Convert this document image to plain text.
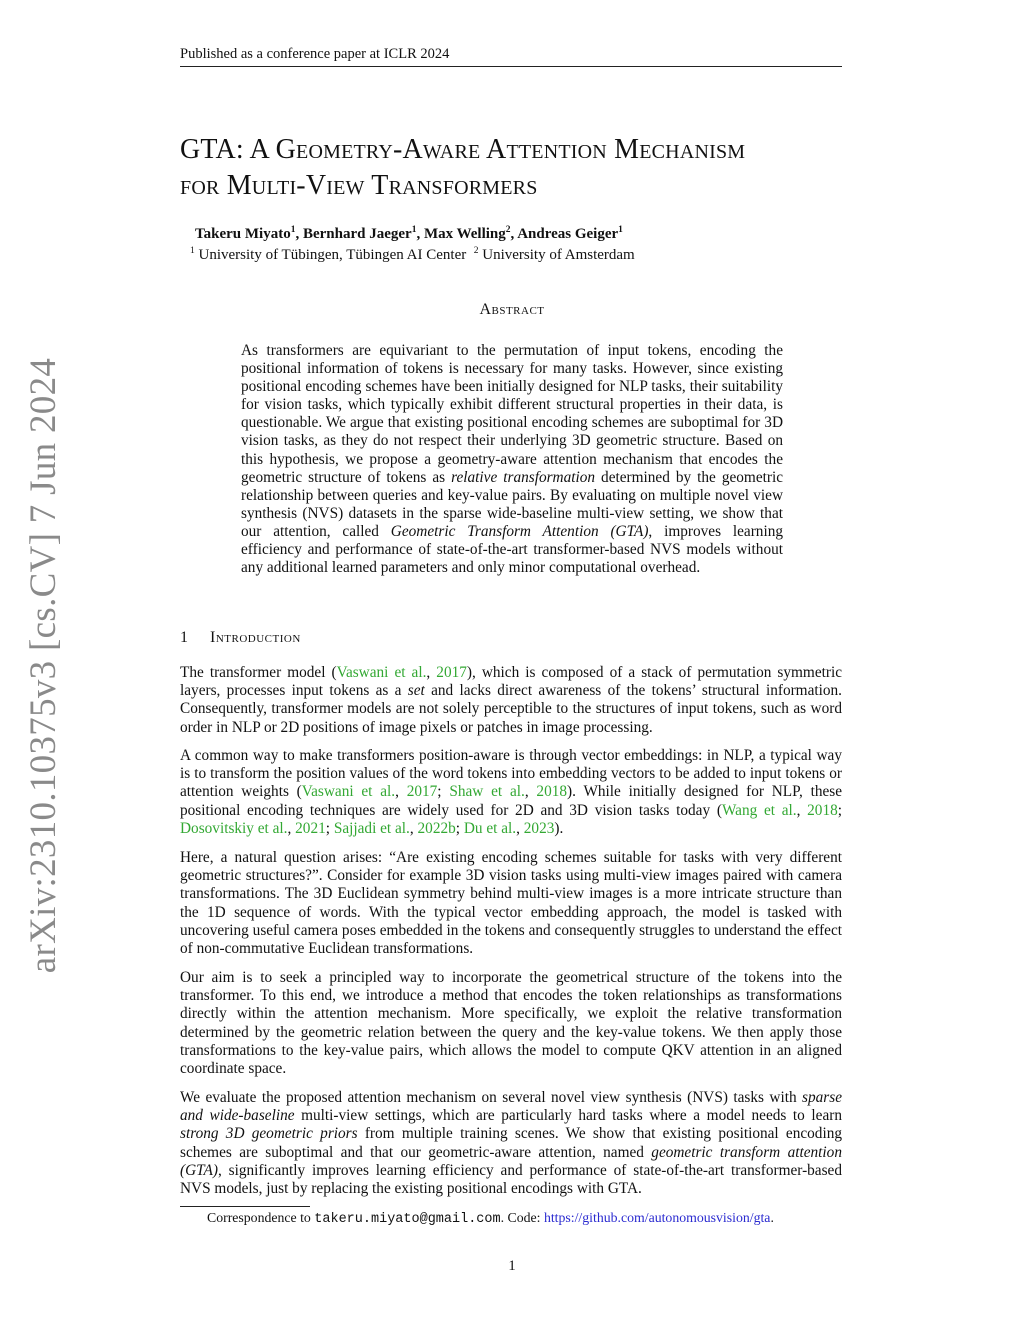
Published as a conference paper at ICLR 2024
arXiv:2310.10375v3 [cs.CV] 7 Jun 2024
GTA: A Geometry-Aware Attention Mechanism
for Multi-View Transformers
Takeru Miyato$^1$, Bernhard Jaeger$^1$, Max Welling$^2$, Andreas Geiger$^1$
$^1$ University of Tübingen, Tübingen AI Center $^2$ University of Amsterdam
Abstract
As transformers are equivariant to the permutation of input tokens, encoding the positional information of tokens is necessary for many tasks. However, since existing positional encoding schemes have been initially designed for NLP tasks, their suitability for vision tasks, which typically exhibit different structural properties in their data, is questionable. We argue that existing positional encoding schemes are suboptimal for 3D vision tasks, as they do not respect their underlying 3D geometric structure. Based on this hypothesis, we propose a geometry-aware attention mechanism that encodes the geometric structure of tokens as relative transformation determined by the geometric relationship between queries and key-value pairs. By evaluating on multiple novel view synthesis (NVS) datasets in the sparse wide-baseline multi-view setting, we show that our attention, called Geometric Transform Attention (GTA), improves learning efficiency and performance of state-of-the-art transformer-based NVS models without any additional learned parameters and only minor computational overhead.
1 Introduction
The transformer model (Vaswani et al., 2017), which is composed of a stack of permutation symmetric layers, processes input tokens as a set and lacks direct awareness of the tokens’ structural information. Consequently, transformer models are not solely perceptible to the structures of input tokens, such as word order in NLP or 2D positions of image pixels or patches in image processing.
A common way to make transformers position-aware is through vector embeddings: in NLP, a typical way is to transform the position values of the word tokens into embedding vectors to be added to input tokens or attention weights (Vaswani et al., 2017; Shaw et al., 2018). While initially designed for NLP, these positional encoding techniques are widely used for 2D and 3D vision tasks today (Wang et al., 2018; Dosovitskiy et al., 2021; Sajjadi et al., 2022b; Du et al., 2023).
Here, a natural question arises: “Are existing encoding schemes suitable for tasks with very different geometric structures?”. Consider for example 3D vision tasks using multi-view images paired with camera transformations. The 3D Euclidean symmetry behind multi-view images is a more intricate structure than the 1D sequence of words. With the typical vector embedding approach, the model is tasked with uncovering useful camera poses embedded in the tokens and consequently struggles to understand the effect of non-commutative Euclidean transformations.
Our aim is to seek a principled way to incorporate the geometrical structure of the tokens into the transformer. To this end, we introduce a method that encodes the token relationships as transformations directly within the attention mechanism. More specifically, we exploit the relative transformation determined by the geometric relation between the query and the key-value tokens. We then apply those transformations to the key-value pairs, which allows the model to compute QKV attention in an aligned coordinate space.
We evaluate the proposed attention mechanism on several novel view synthesis (NVS) tasks with sparse and wide-baseline multi-view settings, which are particularly hard tasks where a model needs to learn strong 3D geometric priors from multiple training scenes. We show that existing positional encoding schemes are suboptimal and that our geometric-aware attention, named geometric transform attention (GTA), significantly improves learning efficiency and performance of state-of-the-art transformer-based NVS models, just by replacing the existing positional encodings with GTA.
Correspondence to takeru.miyato@gmail.com. Code: https://github.com/autonomousvision/gta.
1
